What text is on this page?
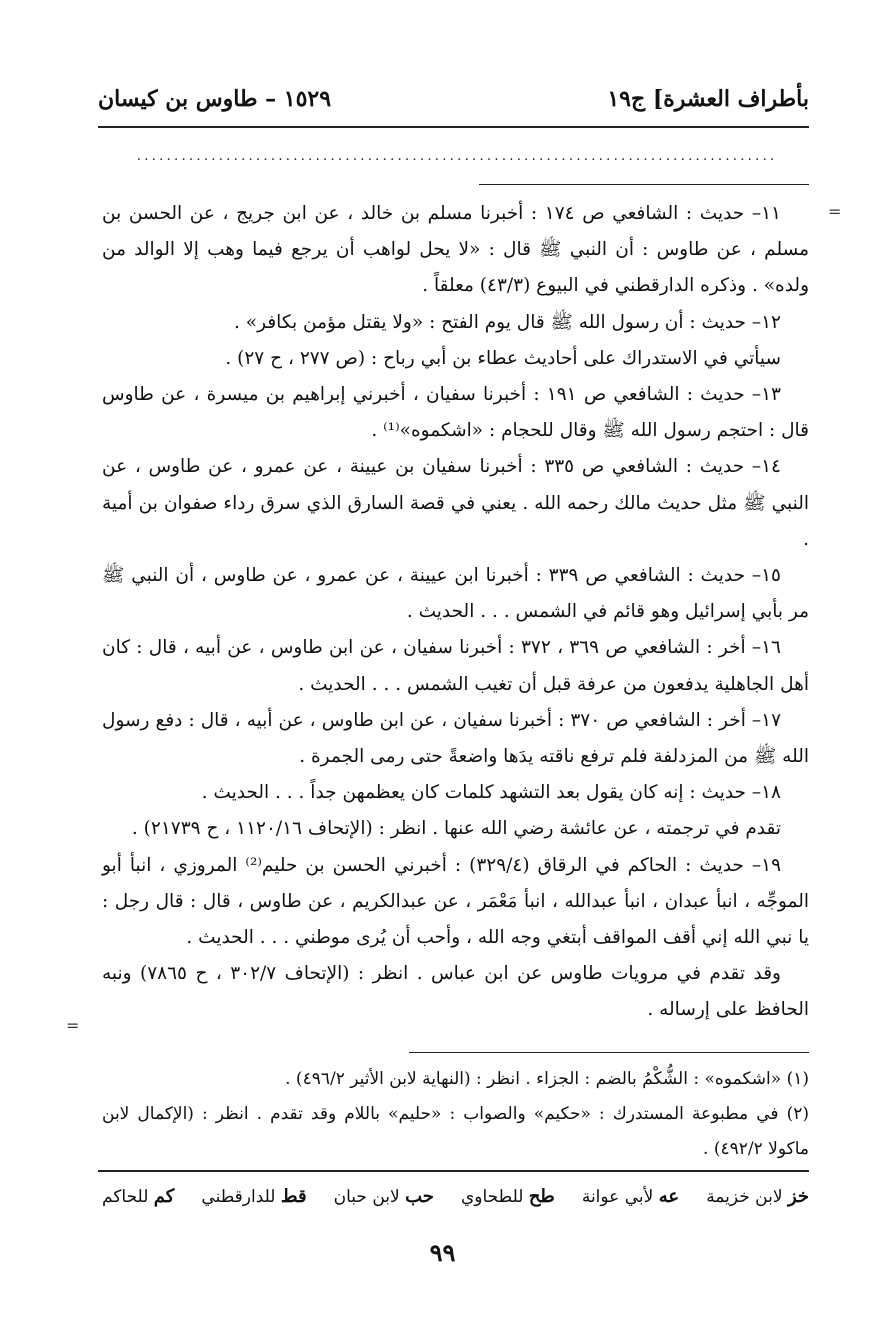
بأطراف العشرة] ج١٩
١٥٢٩ – طاوس بن كيسان
......................................................................................
=
=

١١– حديث : الشافعي ص ١٧٤ : أخبرنا مسلم بن خالد ، عن ابن جريج ، عن الحسن بن مسلم ، عن طاوس : أن النبي ﷺ قال : «لا يحل لواهب أن يرجع فيما وهب إلا الوالد من ولده» . وذكره الدارقطني في البيوع (٤٣/٣) معلقاً .

١٢– حديث : أن رسول الله ﷺ قال يوم الفتح : «ولا يقتل مؤمن بكافر» .

سيأتي في الاستدراك على أحاديث عطاء بن أبي رباح : (ص ٢٧٧ ، ح ٢٧) .

١٣– حديث : الشافعي ص ١٩١ : أخبرنا سفيان ، أخبرني إبراهيم بن ميسرة ، عن طاوس قال : احتجم رسول الله ﷺ وقال للحجام : «اشكموه»⁽¹⁾ .

١٤– حديث : الشافعي ص ٣٣٥ : أخبرنا سفيان بن عيينة ، عن عمرو ، عن طاوس ، عن النبي ﷺ مثل حديث مالك رحمه الله . يعني في قصة السارق الذي سرق رداء صفوان بن أمية .

١٥– حديث : الشافعي ص ٣٣٩ : أخبرنا ابن عيينة ، عن عمرو ، عن طاوس ، أن النبي ﷺ مر بأبي إسرائيل وهو قائم في الشمس . . . الحديث .

١٦– أخر : الشافعي ص ٣٦٩ ، ٣٧٢ : أخبرنا سفيان ، عن ابن طاوس ، عن أبيه ، قال : كان أهل الجاهلية يدفعون من عرفة قبل أن تغيب الشمس . . . الحديث .

١٧– أخر : الشافعي ص ٣٧٠ : أخبرنا سفيان ، عن ابن طاوس ، عن أبيه ، قال : دفع رسول الله ﷺ من المزدلفة فلم ترفع ناقته يدَها واضعةً حتى رمى الجمرة .

١٨– حديث : إنه كان يقول بعد التشهد كلمات كان يعظمهن جداً . . . الحديث .

تقدم في ترجمته ، عن عائشة رضي الله عنها . انظر : (الإتحاف ١١٢٠/١٦ ، ح ٢١٧٣٩) .

١٩– حديث : الحاكم في الرقاق (٣٢٩/٤) : أخبرني الحسن بن حليم⁽²⁾ المروزي ، انبأ أبو الموجِّه ، انبأ عبدان ، انبأ عبدالله ، انبأ مَعْمَر ، عن عبدالكريم ، عن طاوس ، قال : قال رجل : يا نبي الله إني أقف المواقف أبتغي وجه الله ، وأحب أن يُرى موطني . . . الحديث .

وقد تقدم في مرويات طاوس عن ابن عباس . انظر : (الإتحاف ٣٠٢/٧ ، ح ٧٨٦٥) ونبه الحافظ على إرساله .

(١) «اشكموه» : الشُّكْمُ بالضم : الجزاء . انظر : (النهاية لابن الأثير ٤٩٦/٢) .

(٢) في مطبوعة المستدرك : «حكيم» والصواب : «حليم» باللام وقد تقدم . انظر : (الإكمال لابن ماكولا ٤٩٢/٢) .

خز لابن خزيمة
عه لأبي عوانة
طح للطحاوي
حب لابن حبان
قط للدارقطني
كم للحاكم
٩٩
